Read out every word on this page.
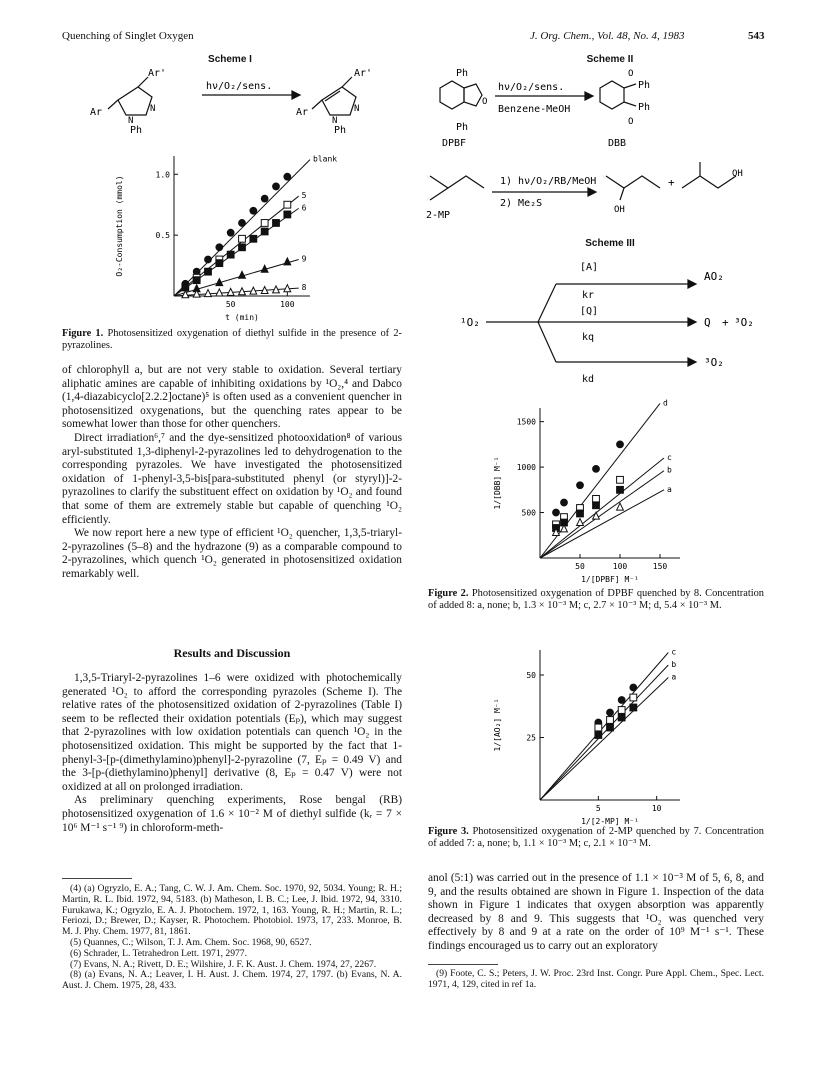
Quenching of Singlet Oxygen	J. Org. Chem., Vol. 48, No. 4, 1983	543
Scheme I
Ar'
Ar	N
N
Ph
hν/O₂/sens.
Ar'
Ar	N
N
Ph
50	100
0.5
1.0
t (min)
O₂-Consumption (mmol)
blank
5
6
9
8
Figure 1. Photosensitized oxygenation of diethyl sulfide in the presence of 2-pyrazolines.

of chlorophyll a, but are not very stable to oxidation. Several tertiary aliphatic amines are capable of inhibiting oxidations by ¹O₂,⁴ and Dabco (1,4-diazabicyclo[2.2.2]octane)⁵ is often used as a convenient quencher in photosensitized oxygenations, but the quenching rates appear to be somewhat lower than those for other quenchers.

Direct irradiation⁶,⁷ and the dye-sensitized photooxidation⁸ of various aryl-substituted 1,3-diphenyl-2-pyrazolines led to dehydrogenation to the corresponding pyrazoles. We have investigated the photosensitized oxidation of 1-phenyl-3,5-bis[para-substituted phenyl (or styryl)]-2-pyrazolines to clarify the substituent effect on oxidation by ¹O₂ and found that some of them are extremely stable but capable of quenching ¹O₂ efficiently.

We now report here a new type of efficient ¹O₂ quencher, 1,3,5-triaryl-2-pyrazolines (5–8) and the hydrazone (9) as a comparable compound to 2-pyrazolines, which quench ¹O₂ generated in photosensitized oxidation remarkably well.

Results and Discussion

1,3,5-Triaryl-2-pyrazolines 1–6 were oxidized with photochemically generated ¹O₂ to afford the corresponding pyrazoles (Scheme I). The relative rates of the photosensitized oxidation of 2-pyrazolines (Table I) seem to be reflected their oxidation potentials (Eₚ), which may suggest that 2-pyrazolines with low oxidation potentials can quench ¹O₂ in the photosensitized oxidation. This might be supported by the fact that 1-phenyl-3-[p-(dimethylamino)phenyl]-2-pyrazoline (7, Eₚ = 0.49 V) and the 3-[p-(diethylamino)phenyl] derivative (8, Eₚ = 0.47 V) were not oxidized at all on prolonged irradiation.

As preliminary quenching experiments, Rose bengal (RB) photosensitized oxygenation of 1.6 × 10⁻² M of diethyl sulfide (kᵣ = 7 × 10⁶ M⁻¹ s⁻¹ ⁹) in chloroform-meth-

(4) (a) Ogryzlo, E. A.; Tang, C. W. J. Am. Chem. Soc. 1970, 92, 5034. Young; R. H.; Martin, R. L. Ibid. 1972, 94, 5183. (b) Matheson, I. B. C.; Lee, J. Ibid. 1972, 94, 3310. Furukawa, K.; Ogryzlo, E. A. J. Photochem. 1972, 1, 163. Young, R. H.; Martin, R. L.; Feriozi, D.; Brewer, D.; Kayser, R. Photochem. Photobiol. 1973, 17, 233. Monroe, B. M. J. Phy. Chem. 1977, 81, 1861.
(5) Quannes, C.; Wilson, T. J. Am. Chem. Soc. 1968, 90, 6527.
(6) Schrader, L. Tetrahedron Lett. 1971, 2977.
(7) Evans, N. A.; Rivett, D. E.; Wilshire, J. F. K. Aust. J. Chem. 1974, 27, 2267.
(8) (a) Evans, N. A.; Leaver, I. H. Aust. J. Chem. 1974, 27, 1797. (b) Evans, N. A. Aust. J. Chem. 1975, 28, 433.
Scheme II
Ph
Ph
O
O
Ph
Ph
O
hν/O₂/sens.
Benzene-MeOH
DPBF	DBB
1) hν/O₂/RB/MeOH
2) Me₂S
2-MP	OH
+
OH
Scheme III
[A]
kr
[Q]
kq
kd
¹O₂
AO₂
Q + ³O₂
³O₂
50	100	150
500
1000
1500
1/[DPBF] M⁻¹
1/[DBB] M⁻¹
d
c
b
a
Figure 2. Photosensitized oxygenation of DPBF quenched by 8. Concentration of added 8: a, none; b, 1.3 × 10⁻³ M; c, 2.7 × 10⁻³ M; d, 5.4 × 10⁻³ M.
5	10
25
50
1/[2-MP] M⁻¹
1/[AO₂] M⁻¹
c
b
a
Figure 3. Photosensitized oxygenation of 2-MP quenched by 7. Concentration of added 7: a, none; b, 1.1 × 10⁻³ M; c, 2.1 × 10⁻³ M.

anol (5:1) was carried out in the presence of 1.1 × 10⁻³ M of 5, 6, 8, and 9, and the results obtained are shown in Figure 1. Inspection of the data shown in Figure 1 indicates that oxygen absorption was apparently decreased by 8 and 9. This suggests that ¹O₂ was quenched very effectively by 8 and 9 at a rate on the order of 10⁹ M⁻¹ s⁻¹. These findings encouraged us to carry out an exploratory

(9) Foote, C. S.; Peters, J. W. Proc. 23rd Inst. Congr. Pure Appl. Chem., Spec. Lect. 1971, 4, 129, cited in ref 1a.
